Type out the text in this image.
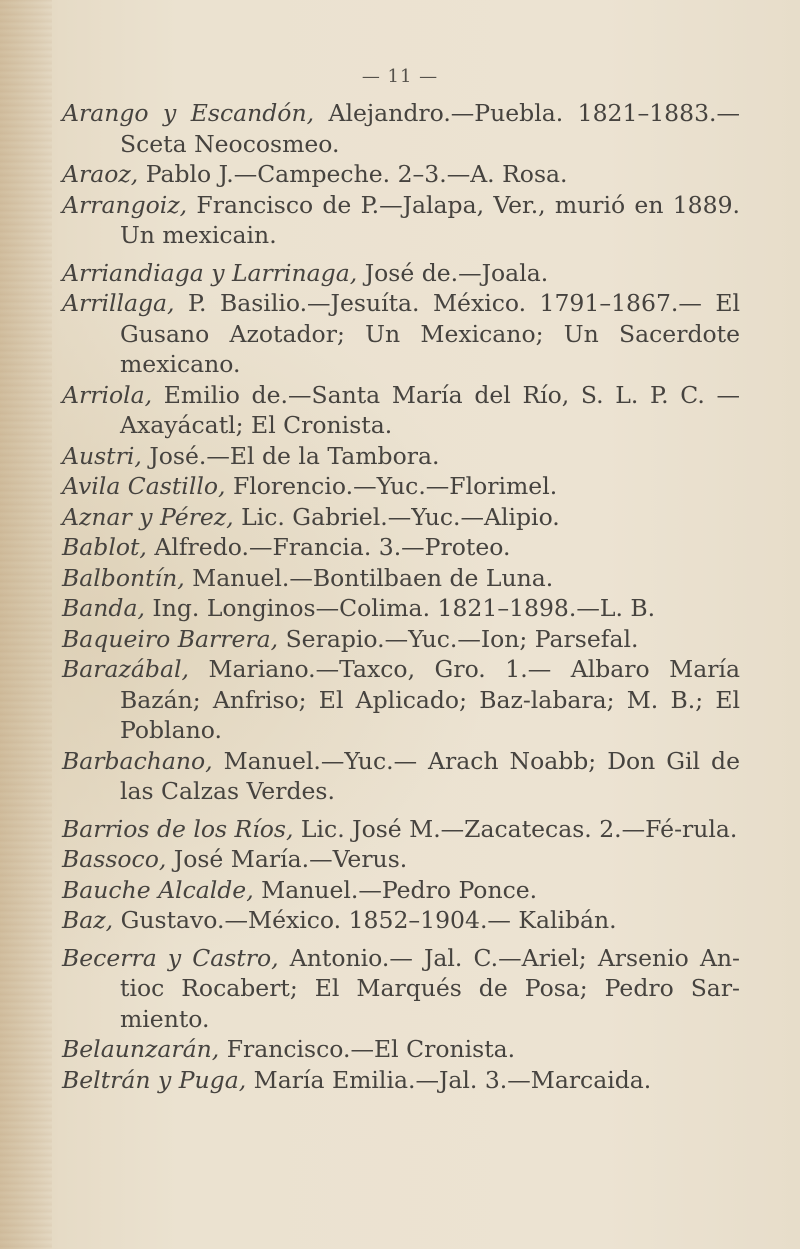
— 11 —

Arango y Escandón, Alejandro.—Puebla. 1821–1883.— Sceta Neocosmeo.

Araoz, Pablo J.—Campeche. 2–3.—A. Rosa.

Arrangoiz, Francisco de P.—Jalapa, Ver., murió en 1889. Un mexicain.

Arriandiaga y Larrinaga, José de.—Joala.

Arrillaga, P. Basilio.—Jesuíta. México. 1791–1867.— El Gusano Azotador; Un Mexicano; Un Sacerdote mexicano.

Arriola, Emilio de.—Santa María del Río, S. L. P. C. —Axayácatl; El Cronista.

Austri, José.—El de la Tambora.

Avila Castillo, Florencio.—Yuc.—Florimel.

Aznar y Pérez, Lic. Gabriel.—Yuc.—Alipio.

Bablot, Alfredo.—Francia. 3.—Proteo.

Balbontín, Manuel.—Bontilbaen de Luna.

Banda, Ing. Longinos—Colima. 1821–1898.—L. B.

Baqueiro Barrera, Serapio.—Yuc.—Ion; Parsefal.

Barazábal, Mariano.—Taxco, Gro. 1.— Albaro María Bazán; Anfriso; El Aplicado; Baz-labara; M. B.; El Poblano.

Barbachano, Manuel.—Yuc.— Arach Noabb; Don Gil de las Calzas Verdes.

Barrios de los Ríos, Lic. José M.—Zacatecas. 2.—Fé-rula.

Bassoco, José María.—Verus.

Bauche Alcalde, Manuel.—Pedro Ponce.

Baz, Gustavo.—México. 1852–1904.— Kalibán.

Becerra y Castro, Antonio.— Jal. C.—Ariel; Arsenio An-tioc Rocabert; El Marqués de Posa; Pedro Sar-miento.

Belaunzarán, Francisco.—El Cronista.

Beltrán y Puga, María Emilia.—Jal. 3.—Marcaida.
